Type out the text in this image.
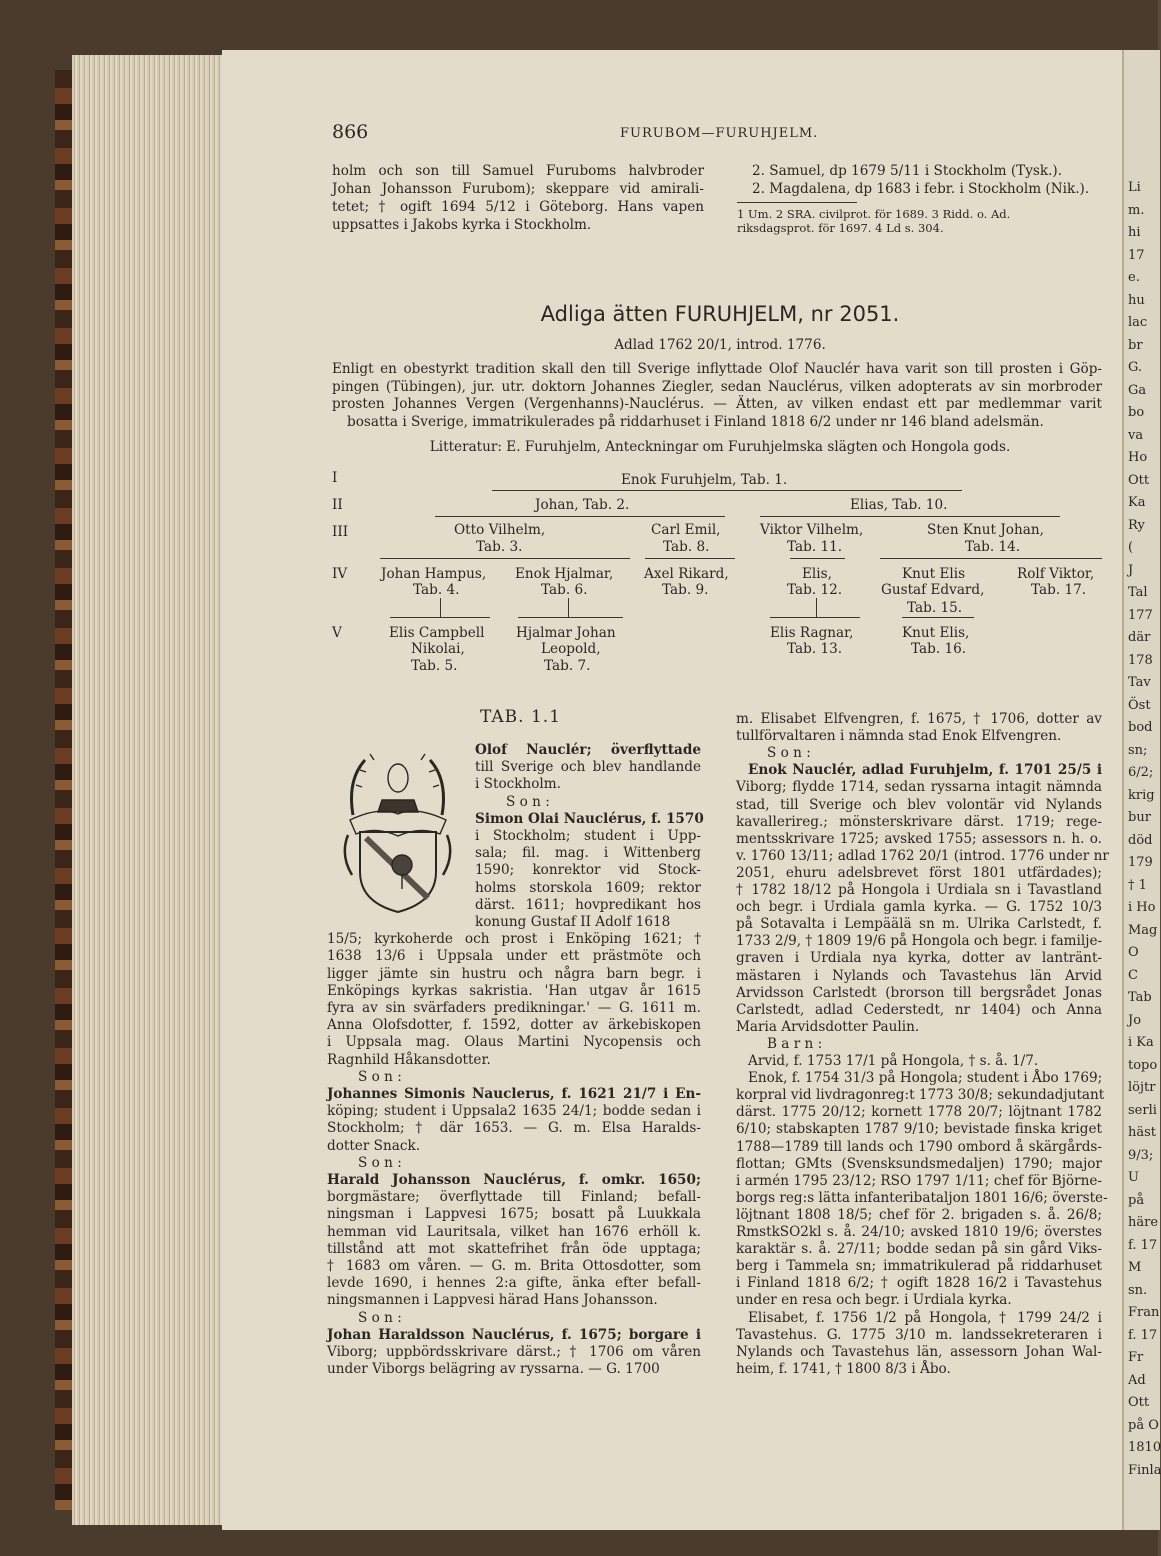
866	FURUBOM—FURUHJELM.
Adliga ätten FURUHJELM, nr 2051.
Adlad 1762 20/1, introd. 1776.
Litteratur: E. Furuhjelm, Anteckningar om Furuhjelmska slägten och Hongola gods.
I
II
III
IV
V
Enok Furuhjelm, Tab. 1.
Johan, Tab. 2.	Elias, Tab. 10.
Otto Vilhelm,
Tab. 3.
Carl Emil,
Tab. 8.
Viktor Vilhelm,
Tab. 11.
Sten Knut Johan,
Tab. 14.
Johan Hampus,
Tab. 4.
Enok Hjalmar,
Tab. 6.
Axel Rikard,
Tab. 9.
Elis,
Tab. 12.
Knut Elis
Gustaf Edvard,
Tab. 15.
Rolf Viktor,
Tab. 17.
Elis Campbell
Nikolai,
Tab. 5.
Hjalmar Johan
Leopold,
Tab. 7.
Elis Ragnar,
Tab. 13.
Knut Elis,
Tab. 16.
TAB. 1.1
Li
m.
hi
17
e.
hu
lac
br
G.
Ga
bo
va
Ho
Ott
Ka
Ry
(
J
Tal
177
där
178
Tav
Öst
bod
sn;
6/2;
krig
bur
död
179
† 1
i Ho
Mag
O
C
Tab
Jo
i Ka
topo
löjtr
serli
häst
9/3;
U
på
häre
f. 17
M
sn.
Fran
f. 17
Fr
Ad
Ott
på O
1810
Finla
holm och son till Samuel Furuboms halvbroder
Johan Johansson Furubom); skeppare vid amirali-
tetet; † ogift 1694 5/12 i Göteborg. Hans vapen
uppsattes i Jakobs kyrka i Stockholm.
2. Samuel, dp 1679 5/11 i Stockholm (Tysk.).
2. Magdalena, dp 1683 i febr. i Stockholm (Nik.).
1 Um. 2 SRA. civilprot. för 1689. 3 Ridd. o. Ad.
riksdagsprot. för 1697. 4 Ld s. 304.
Enligt en obestyrkt tradition skall den till Sverige inflyttade Olof Nauclér hava varit son till prosten i Göp-
pingen (Tübingen), jur. utr. doktorn Johannes Ziegler, sedan Nauclérus, vilken adopterats av sin morbroder
prosten Johannes Vergen (Vergenhanns)-Nauclérus. — Ätten, av vilken endast ett par medlemmar varit
bosatta i Sverige, immatrikulerades på riddarhuset i Finland 1818 6/2 under nr 146 bland adelsmän.
Olof Nauclér; överflyttade
till Sverige och blev handlande
i Stockholm.
S o n :
Simon Olai Nauclérus, f. 1570
i Stockholm; student i Upp-
sala; fil. mag. i Wittenberg
1590; konrektor vid Stock-
holms storskola 1609; rektor
därst. 1611; hovpredikant hos
konung Gustaf II Adolf 1618
15/5; kyrkoherde och prost i Enköping 1621; †
1638 13/6 i Uppsala under ett prästmöte och
ligger jämte sin hustru och några barn begr. i
Enköpings kyrkas sakristia. 'Han utgav år 1615
fyra av sin svärfaders predikningar.' — G. 1611 m.
Anna Olofsdotter, f. 1592, dotter av ärkebiskopen
i Uppsala mag. Olaus Martini Nycopensis och
Ragnhild Håkansdotter.
S o n :
Johannes Simonis Nauclerus, f. 1621 21/7 i En-
köping; student i Uppsala2 1635 24/1; bodde sedan i
Stockholm; † där 1653. — G. m. Elsa Haralds-
dotter Snack.
S o n :
Harald Johansson Nauclérus, f. omkr. 1650;
borgmästare; överflyttade till Finland; befall-
ningsman i Lappvesi 1675; bosatt på Luukkala
hemman vid Lauritsala, vilket han 1676 erhöll k.
tillstånd att mot skattefrihet från öde upptaga;
† 1683 om våren. — G. m. Brita Ottosdotter, som
levde 1690, i hennes 2:a gifte, änka efter befall-
ningsmannen i Lappvesi härad Hans Johansson.
S o n :
Johan Haraldsson Nauclérus, f. 1675; borgare i
Viborg; uppbördsskrivare därst.; † 1706 om våren
under Viborgs belägring av ryssarna. — G. 1700
m. Elisabet Elfvengren, f. 1675, † 1706, dotter av
tullförvaltaren i nämnda stad Enok Elfvengren.
S o n :
Enok Nauclér, adlad Furuhjelm, f. 1701 25/5 i
Viborg; flydde 1714, sedan ryssarna intagit nämnda
stad, till Sverige och blev volontär vid Nylands
kavallerireg.; mönsterskrivare därst. 1719; rege-
mentsskrivare 1725; avsked 1755; assessors n. h. o.
v. 1760 13/11; adlad 1762 20/1 (introd. 1776 under nr
2051, ehuru adelsbrevet först 1801 utfärdades);
† 1782 18/12 på Hongola i Urdiala sn i Tavastland
och begr. i Urdiala gamla kyrka. — G. 1752 10/3
på Sotavalta i Lempäälä sn m. Ulrika Carlstedt, f.
1733 2/9, † 1809 19/6 på Hongola och begr. i familje-
graven i Urdiala nya kyrka, dotter av lantränt-
mästaren i Nylands och Tavastehus län Arvid
Arvidsson Carlstedt (brorson till bergsrådet Jonas
Carlstedt, adlad Cederstedt, nr 1404) och Anna
Maria Arvidsdotter Paulin.
B a r n :
Arvid, f. 1753 17/1 på Hongola, † s. å. 1/7.
Enok, f. 1754 31/3 på Hongola; student i Åbo 1769;
korpral vid livdragonreg:t 1773 30/8; sekundadjutant
därst. 1775 20/12; kornett 1778 20/7; löjtnant 1782
6/10; stabskapten 1787 9/10; bevistade finska kriget
1788—1789 till lands och 1790 ombord å skärgårds-
flottan; GMts (Svensksundsmedaljen) 1790; major
i armén 1795 23/12; RSO 1797 1/11; chef för Björne-
borgs reg:s lätta infanteribataljon 1801 16/6; överste-
löjtnant 1808 18/5; chef för 2. brigaden s. å. 26/8;
RmstkSO2kl s. å. 24/10; avsked 1810 19/6; överstes
karaktär s. å. 27/11; bodde sedan på sin gård Viks-
berg i Tammela sn; immatrikulerad på riddarhuset
i Finland 1818 6/2; † ogift 1828 16/2 i Tavastehus
under en resa och begr. i Urdiala kyrka.
Elisabet, f. 1756 1/2 på Hongola, † 1799 24/2 i
Tavastehus. G. 1775 3/10 m. landssekreteraren i
Nylands och Tavastehus län, assessorn Johan Wal-
heim, f. 1741, † 1800 8/3 i Åbo.
